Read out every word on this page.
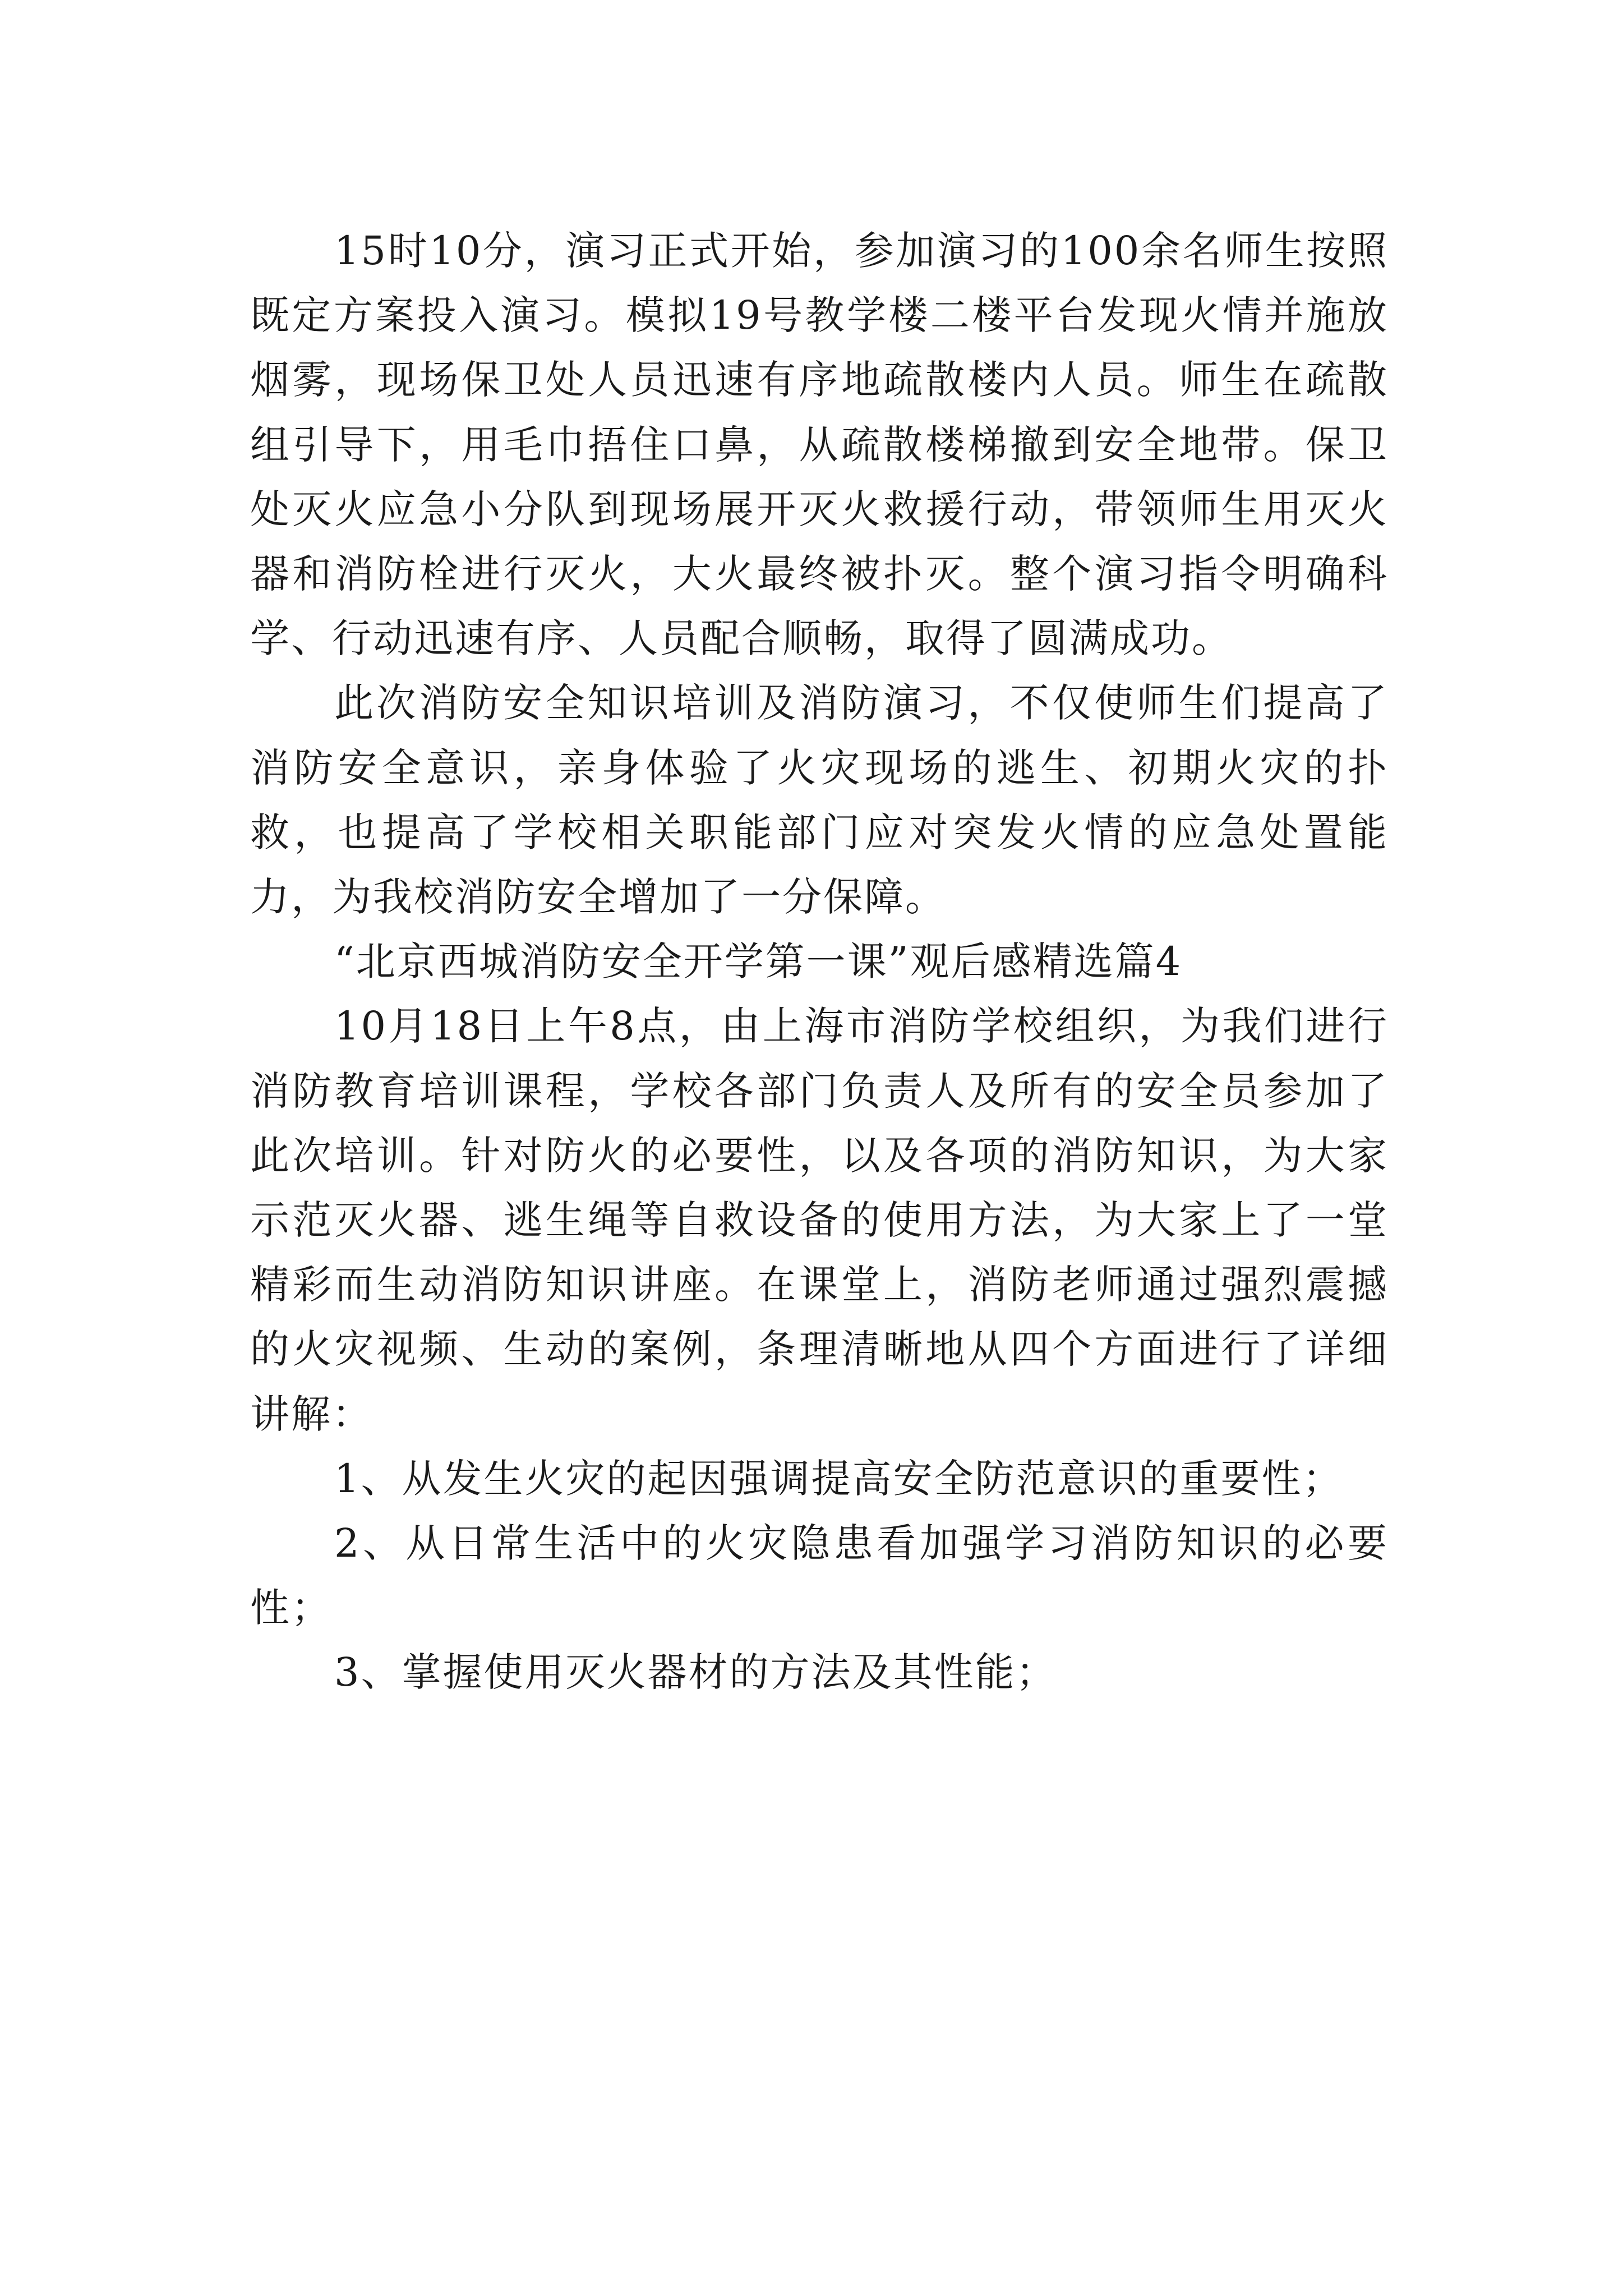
15时10分，演习正式开始，参加演习的100余名师生按照既定方案投入演习。模拟19号教学楼二楼平台发现火情并施放烟雾，现场保卫处人员迅速有序地疏散楼内人员。师生在疏散组引导下，用毛巾捂住口鼻，从疏散楼梯撤到安全地带。保卫处灭火应急小分队到现场展开灭火救援行动，带领师生用灭火器和消防栓进行灭火，大火最终被扑灭。整个演习指令明确科学、行动迅速有序、人员配合顺畅，取得了圆满成功。

此次消防安全知识培训及消防演习，不仅使师生们提高了消防安全意识，亲身体验了火灾现场的逃生、初期火灾的扑救，也提高了学校相关职能部门应对突发火情的应急处置能力，为我校消防安全增加了一分保障。

“北京西城消防安全开学第一课”观后感精选篇4

10月18日上午8点，由上海市消防学校组织，为我们进行消防教育培训课程，学校各部门负责人及所有的安全员参加了此次培训。针对防火的必要性，以及各项的消防知识，为大家示范灭火器、逃生绳等自救设备的使用方法，为大家上了一堂精彩而生动消防知识讲座。在课堂上，消防老师通过强烈震撼的火灾视频、生动的案例，条理清晰地从四个方面进行了详细讲解：

1、从发生火灾的起因强调提高安全防范意识的重要性；

2、从日常生活中的火灾隐患看加强学习消防知识的必要性；

3、掌握使用灭火器材的方法及其性能；
